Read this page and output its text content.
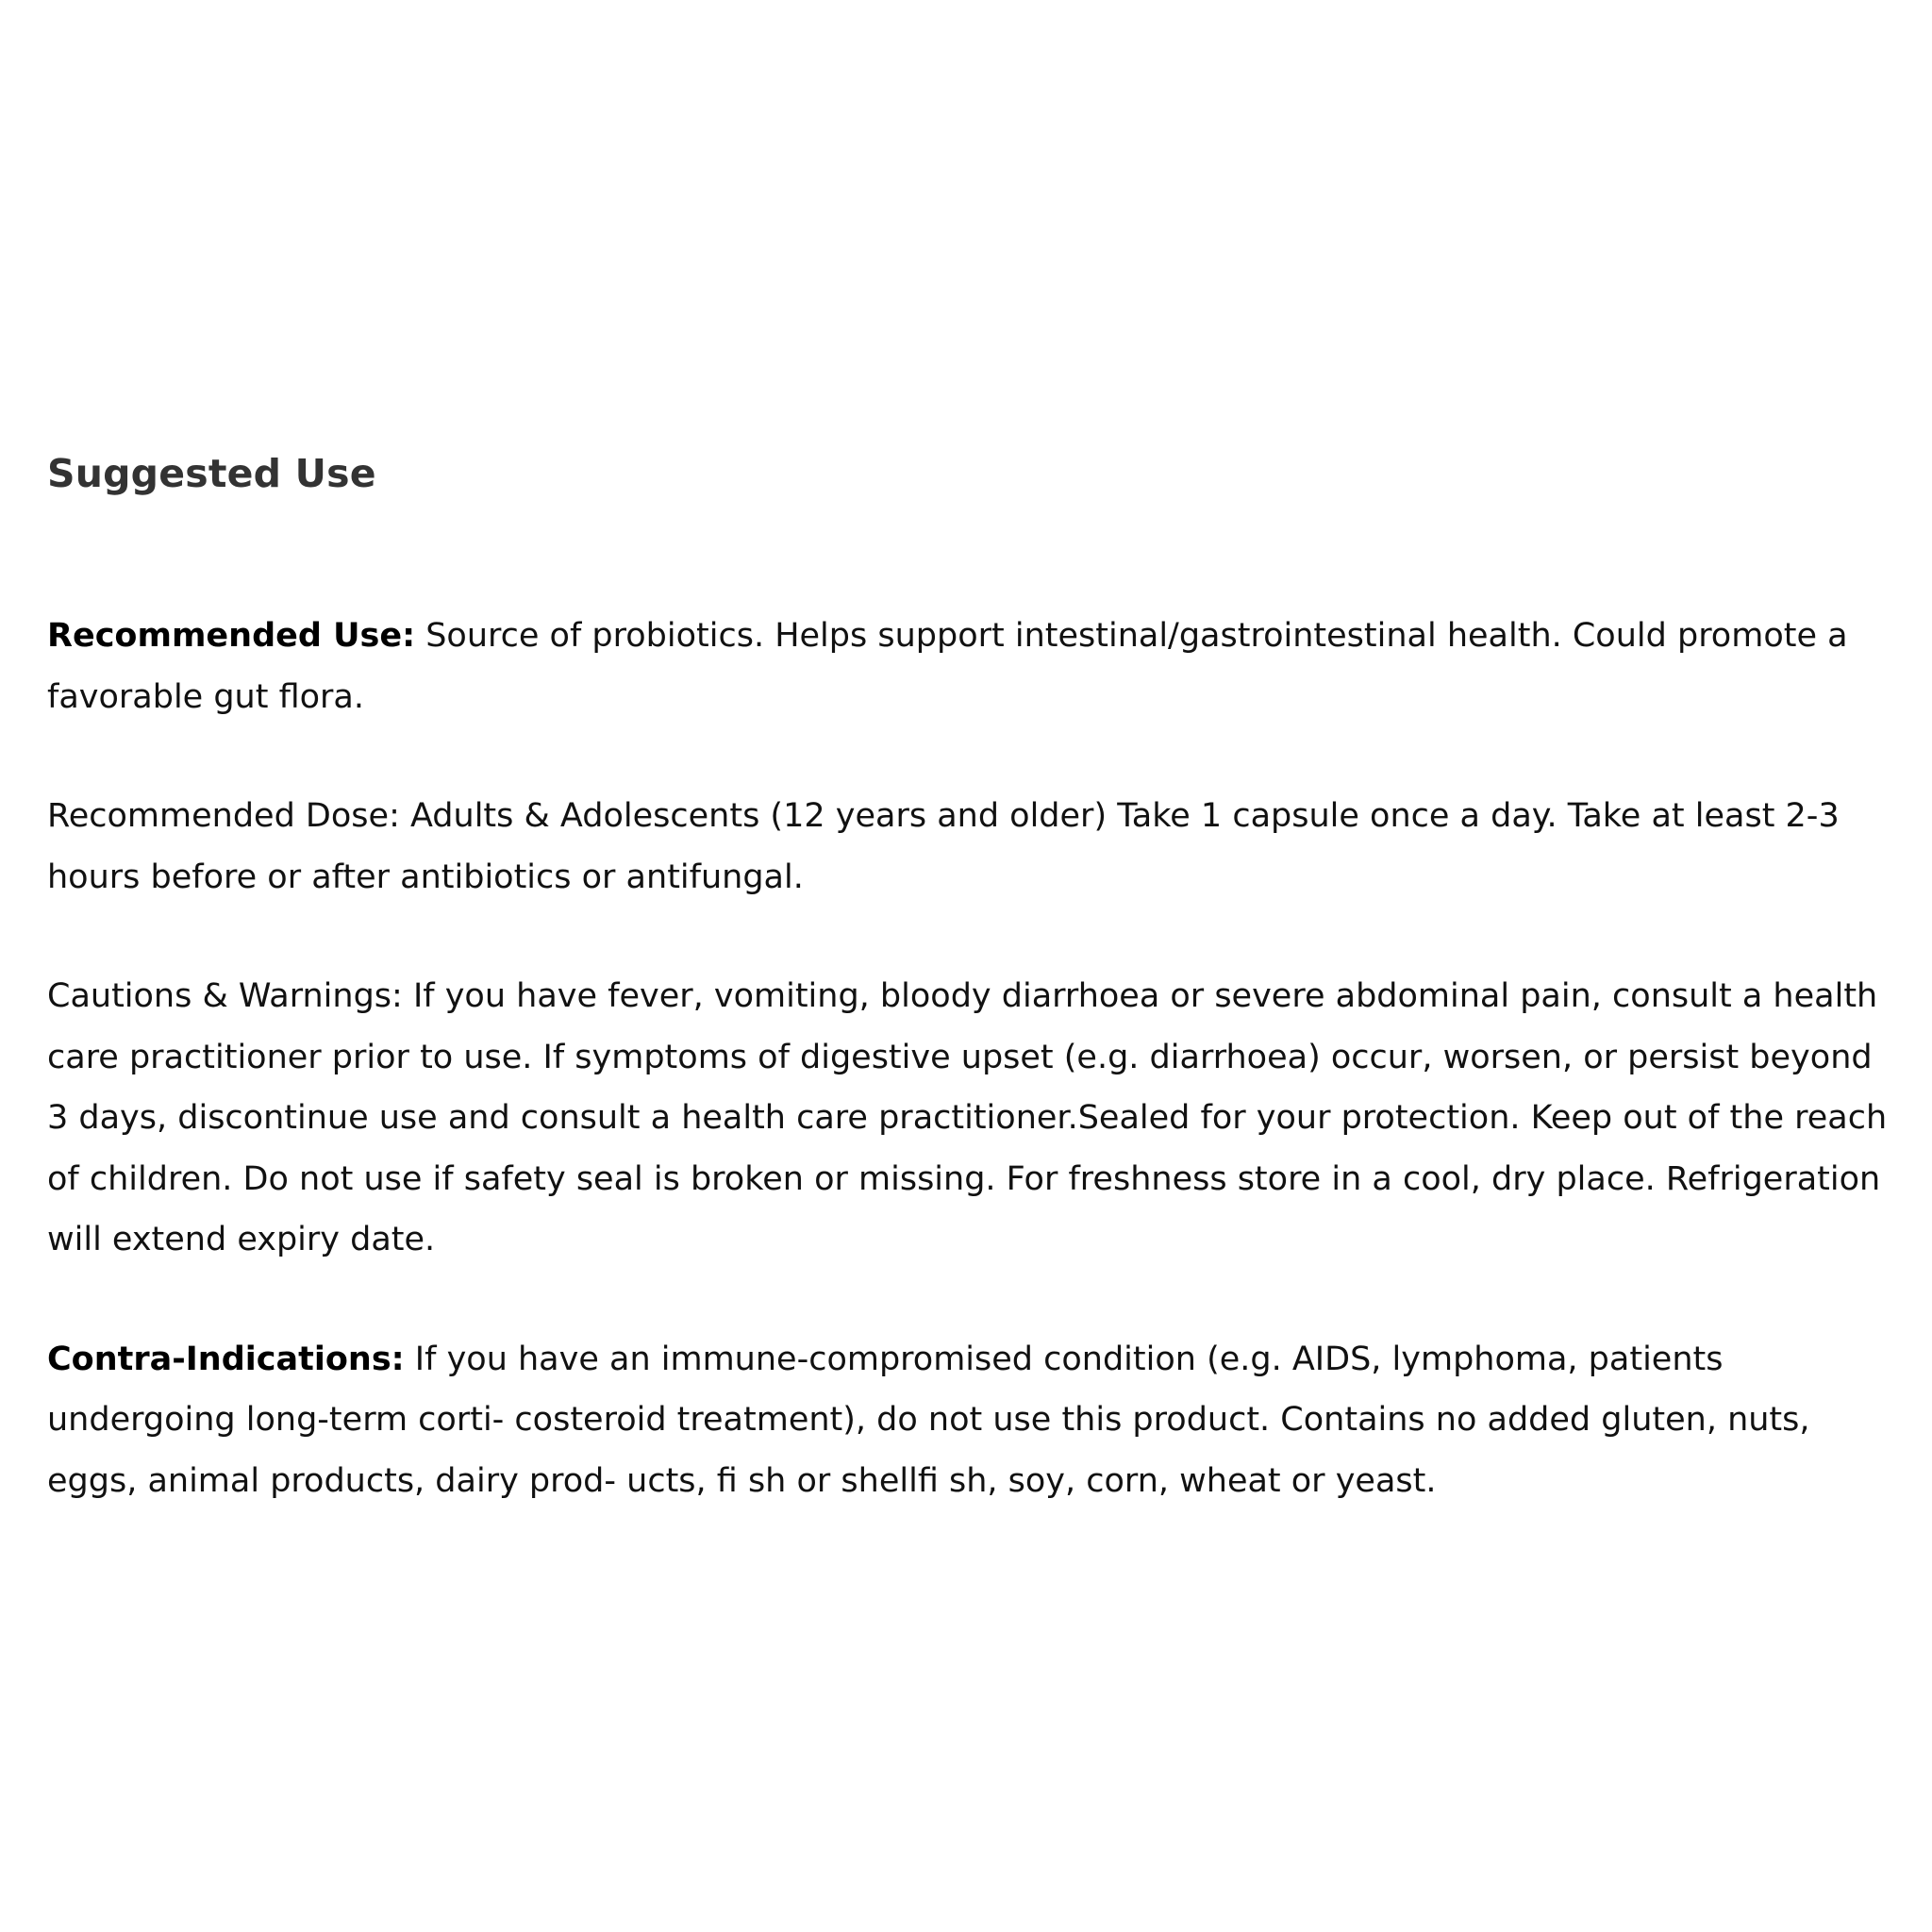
Suggested Use

Recommended Use: Source of probiotics. Helps support intestinal/gastrointestinal health. Could promote a favorable gut flora.

Recommended Dose: Adults & Adolescents (12 years and older) Take 1 capsule once a day. Take at least 2-3 hours before or after antibiotics or antifungal.

Cautions & Warnings: If you have fever, vomiting, bloody diarrhoea or severe abdominal pain, consult a health care practitioner prior to use. If symptoms of digestive upset (e.g. diarrhoea) occur, worsen, or persist beyond 3 days, discontinue use and consult a health care practitioner.Sealed for your protection. Keep out of the reach of children. Do not use if safety seal is broken or missing. For freshness store in a cool, dry place. Refrigeration will extend expiry date.

Contra-Indications: If you have an immune-compromised condition (e.g. AIDS, lymphoma, patients undergoing long-term corti- costeroid treatment), do not use this product. Contains no added gluten, nuts, eggs, animal products, dairy prod- ucts, fi sh or shellfi sh, soy, corn, wheat or yeast.
